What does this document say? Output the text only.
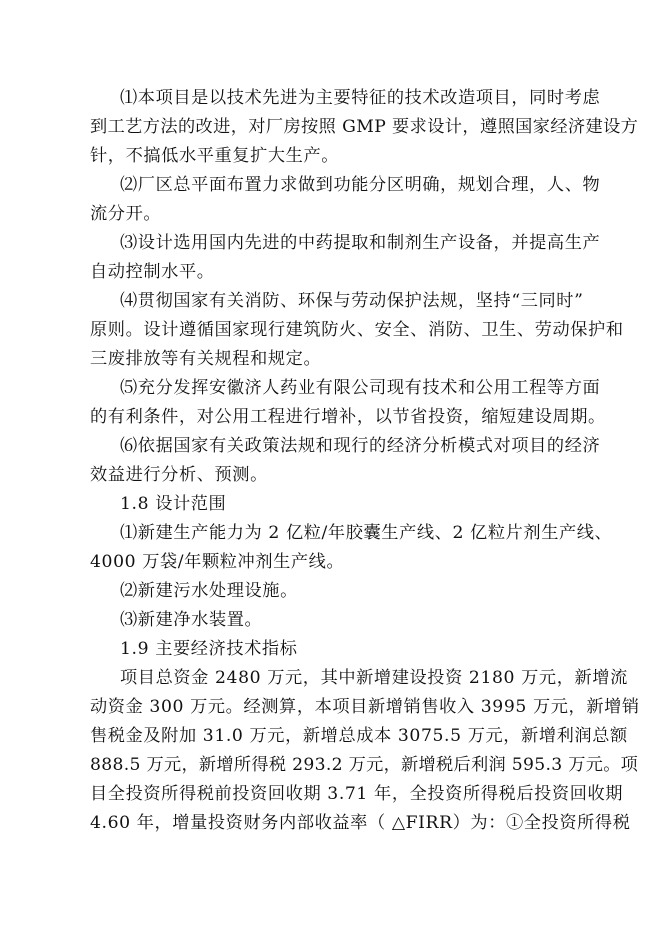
⑴本项目是以技术先进为主要特征的技术改造项目，同时考虑
到工艺方法的改进，对厂房按照 GMP 要求设计，遵照国家经济建设方
针，不搞低水平重复扩大生产。
⑵厂区总平面布置力求做到功能分区明确，规划合理，人、物
流分开。
⑶设计选用国内先进的中药提取和制剂生产设备，并提高生产
自动控制水平。
⑷贯彻国家有关消防、环保与劳动保护法规，坚持“三同时”
原则。设计遵循国家现行建筑防火、安全、消防、卫生、劳动保护和
三废排放等有关规程和规定。
⑸充分发挥安徽济人药业有限公司现有技术和公用工程等方面
的有利条件，对公用工程进行增补，以节省投资，缩短建设周期。
⑹依据国家有关政策法规和现行的经济分析模式对项目的经济
效益进行分析、预测。
1.8 设计范围
⑴新建生产能力为 2 亿粒/年胶囊生产线、2 亿粒片剂生产线、
4000 万袋/年颗粒冲剂生产线。
⑵新建污水处理设施。
⑶新建净水装置。
1.9 主要经济技术指标
项目总资金 2480 万元，其中新增建设投资 2180 万元，新增流
动资金 300 万元。经测算，本项目新增销售收入 3995 万元，新增销
售税金及附加 31.0 万元，新增总成本 3075.5 万元，新增利润总额
888.5 万元，新增所得税 293.2 万元，新增税后利润 595.3 万元。项
目全投资所得税前投资回收期 3.71 年，全投资所得税后投资回收期
4.60 年，增量投资财务内部收益率（ △FIRR）为：①全投资所得税
